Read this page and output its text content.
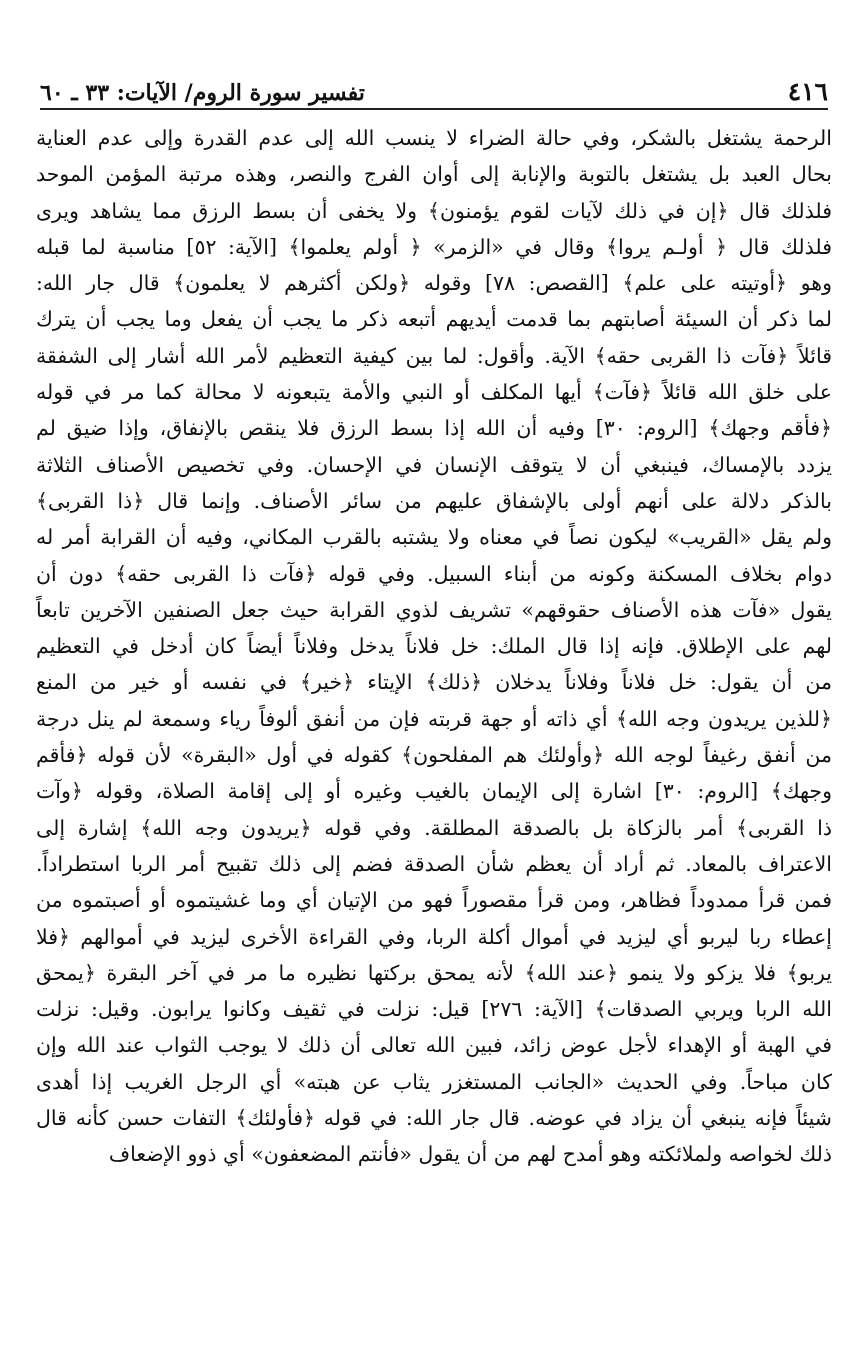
٤١٦
تفسير سورة الروم/ الآيات: ٣٣ ـ ٦٠
الرحمة يشتغل بالشكر، وفي حالة الضراء لا ينسب الله إلى عدم القدرة وإلى عدم العناية
بحال العبد بل يشتغل بالتوبة والإنابة إلى أوان الفرج والنصر، وهذه مرتبة المؤمن الموحد
فلذلك قال ﴿إن في ذلك لآيات لقوم يؤمنون﴾ ولا يخفى أن بسط الرزق مما يشاهد ويرى
فلذلك قال ﴿ أولـم يروا﴾ وقال في «الزمر» ﴿ أولم يعلموا﴾ [الآية: ٥٢] مناسبة لما قبله
وهو ﴿أوتيته على علم﴾ [القصص: ٧٨] وقوله ﴿ولكن أكثرهم لا يعلمون﴾ قال جار الله:
لما ذكر أن السيئة أصابتهم بما قدمت أيديهم أتبعه ذكر ما يجب أن يفعل وما يجب أن يترك
قائلاً ﴿فآت ذا القربى حقه﴾ الآية. وأقول: لما بين كيفية التعظيم لأمر الله أشار إلى الشفقة
على خلق الله قائلاً ﴿فآت﴾ أيها المكلف أو النبي والأمة يتبعونه لا محالة كما مر في قوله
﴿فأقم وجهك﴾ [الروم: ٣٠] وفيه أن الله إذا بسط الرزق فلا ينقص بالإنفاق، وإذا ضيق لم
يزدد بالإمساك، فينبغي أن لا يتوقف الإنسان في الإحسان. وفي تخصيص الأصناف الثلاثة
بالذكر دلالة على أنهم أولى بالإشفاق عليهم من سائر الأصناف. وإنما قال ﴿ذا القربى﴾
ولم يقل «القريب» ليكون نصاً في معناه ولا يشتبه بالقرب المكاني، وفيه أن القرابة أمر له
دوام بخلاف المسكنة وكونه من أبناء السبيل. وفي قوله ﴿فآت ذا القربى حقه﴾ دون أن
يقول «فآت هذه الأصناف حقوقهم» تشريف لذوي القرابة حيث جعل الصنفين الآخرين تابعاً
لهم على الإطلاق. فإنه إذا قال الملك: خل فلاناً يدخل وفلاناً أيضاً كان أدخل في التعظيم
من أن يقول: خل فلاناً وفلاناً يدخلان ﴿ذلك﴾ الإيتاء ﴿خير﴾ في نفسه أو خير من المنع
﴿للذين يريدون وجه الله﴾ أي ذاته أو جهة قربته فإن من أنفق ألوفاً رياء وسمعة لم ينل درجة
من أنفق رغيفاً لوجه الله ﴿وأولئك هم المفلحون﴾ كقوله في أول «البقرة» لأن قوله ﴿فأقم
وجهك﴾ [الروم: ٣٠] اشارة إلى الإيمان بالغيب وغيره أو إلى إقامة الصلاة، وقوله ﴿وآت
ذا القربى﴾ أمر بالزكاة بل بالصدقة المطلقة. وفي قوله ﴿يريدون وجه الله﴾ إشارة إلى
الاعتراف بالمعاد. ثم أراد أن يعظم شأن الصدقة فضم إلى ذلك تقبيح أمر الربا استطراداً.
فمن قرأ ممدوداً فظاهر، ومن قرأ مقصوراً فهو من الإتيان أي وما غشيتموه أو أصبتموه من
إعطاء ربا ليربو أي ليزيد في أموال أكلة الربا، وفي القراءة الأخرى ليزيد في أموالهم ﴿فلا
يربو﴾ فلا يزكو ولا ينمو ﴿عند الله﴾ لأنه يمحق بركتها نظيره ما مر في آخر البقرة ﴿يمحق
الله الربا ويربي الصدقات﴾ [الآية: ٢٧٦] قيل: نزلت في ثقيف وكانوا يرابون. وقيل: نزلت
في الهبة أو الإهداء لأجل عوض زائد، فبين الله تعالى أن ذلك لا يوجب الثواب عند الله وإن
كان مباحاً. وفي الحديث «الجانب المستغزر يثاب عن هبته» أي الرجل الغريب إذا أهدى
شيئاً فإنه ينبغي أن يزاد في عوضه. قال جار الله: في قوله ﴿فأولئك﴾ التفات حسن كأنه قال
ذلك لخواصه ولملائكته وهو أمدح لهم من أن يقول «فأنتم المضعفون» أي ذوو الإضعاف
